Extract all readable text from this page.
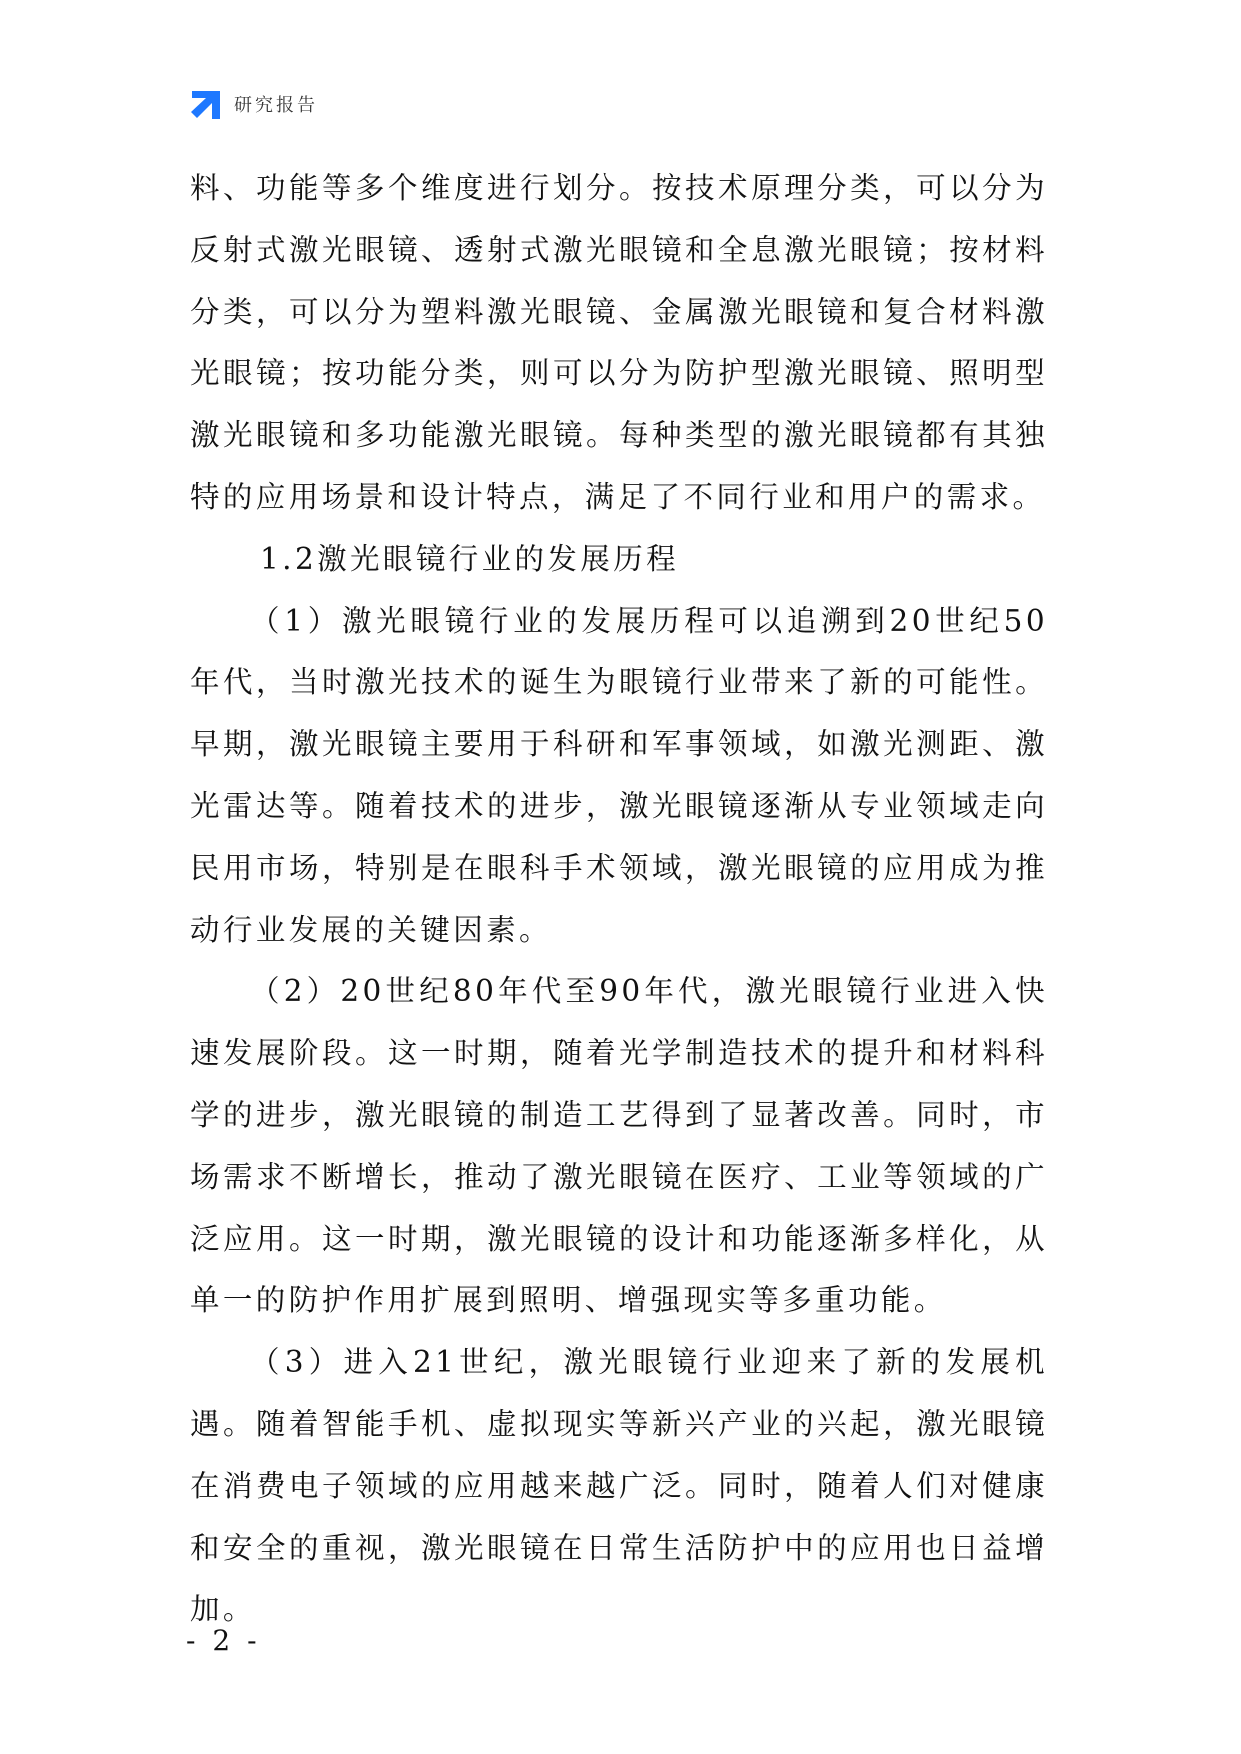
研究报告

料、功能等多个维度进行划分。按技术原理分类，可以分为反射式激光眼镜、透射式激光眼镜和全息激光眼镜；按材料分类，可以分为塑料激光眼镜、金属激光眼镜和复合材料激光眼镜；按功能分类，则可以分为防护型激光眼镜、照明型激光眼镜和多功能激光眼镜。每种类型的激光眼镜都有其独特的应用场景和设计特点，满足了不同行业和用户的需求。

1.2激光眼镜行业的发展历程

（1）激光眼镜行业的发展历程可以追溯到20世纪50年代，当时激光技术的诞生为眼镜行业带来了新的可能性。早期，激光眼镜主要用于科研和军事领域，如激光测距、激光雷达等。随着技术的进步，激光眼镜逐渐从专业领域走向民用市场，特别是在眼科手术领域，激光眼镜的应用成为推动行业发展的关键因素。

（2）20世纪80年代至90年代，激光眼镜行业进入快速发展阶段。这一时期，随着光学制造技术的提升和材料科学的进步，激光眼镜的制造工艺得到了显著改善。同时，市场需求不断增长，推动了激光眼镜在医疗、工业等领域的广泛应用。这一时期，激光眼镜的设计和功能逐渐多样化，从单一的防护作用扩展到照明、增强现实等多重功能。

（3）进入21世纪，激光眼镜行业迎来了新的发展机遇。随着智能手机、虚拟现实等新兴产业的兴起，激光眼镜在消费电子领域的应用越来越广泛。同时，随着人们对健康和安全的重视，激光眼镜在日常生活防护中的应用也日益增加。

- 2 -
